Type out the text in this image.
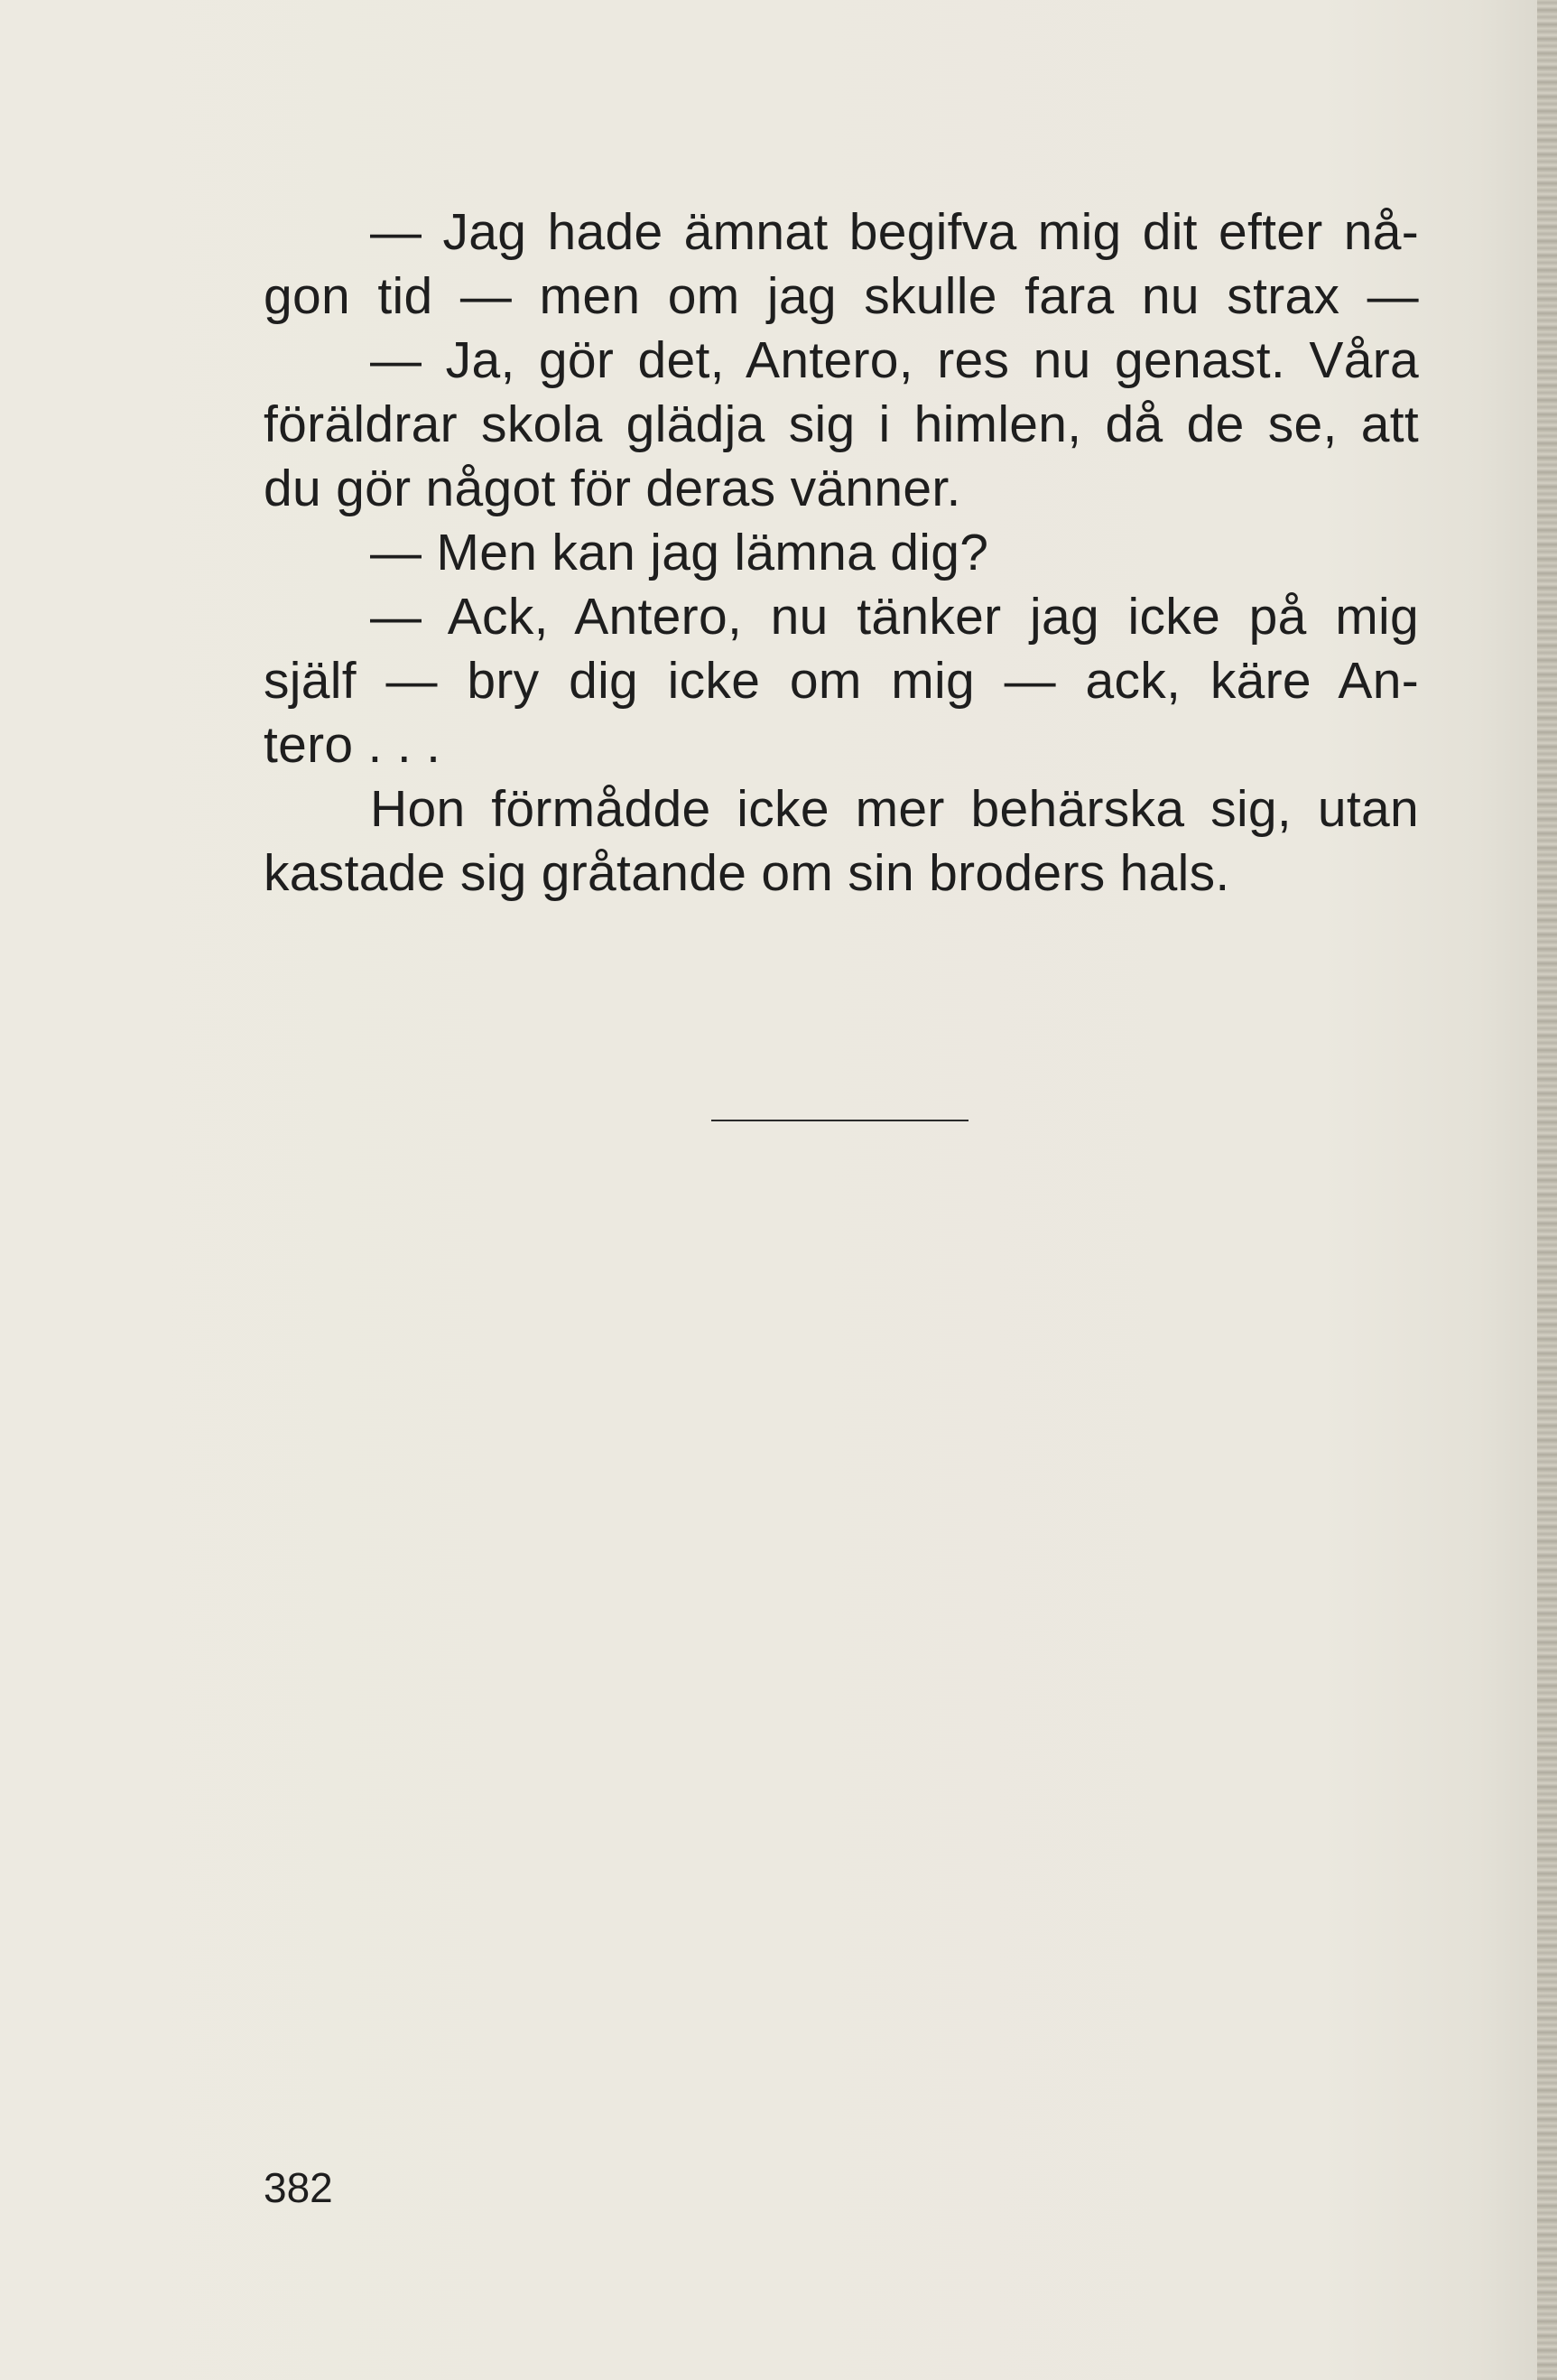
— Jag hade ämnat begifva mig dit efter nå-
gon tid — men om jag skulle fara nu strax —
— Ja, gör det, Antero, res nu genast. Våra
föräldrar skola glädja sig i himlen, då de se, att
du gör något för deras vänner.
— Men kan jag lämna dig?
— Ack, Antero, nu tänker jag icke på mig
själf — bry dig icke om mig — ack, käre An-
tero . . .
Hon förmådde icke mer behärska sig, utan
kastade sig gråtande om sin broders hals.
382
